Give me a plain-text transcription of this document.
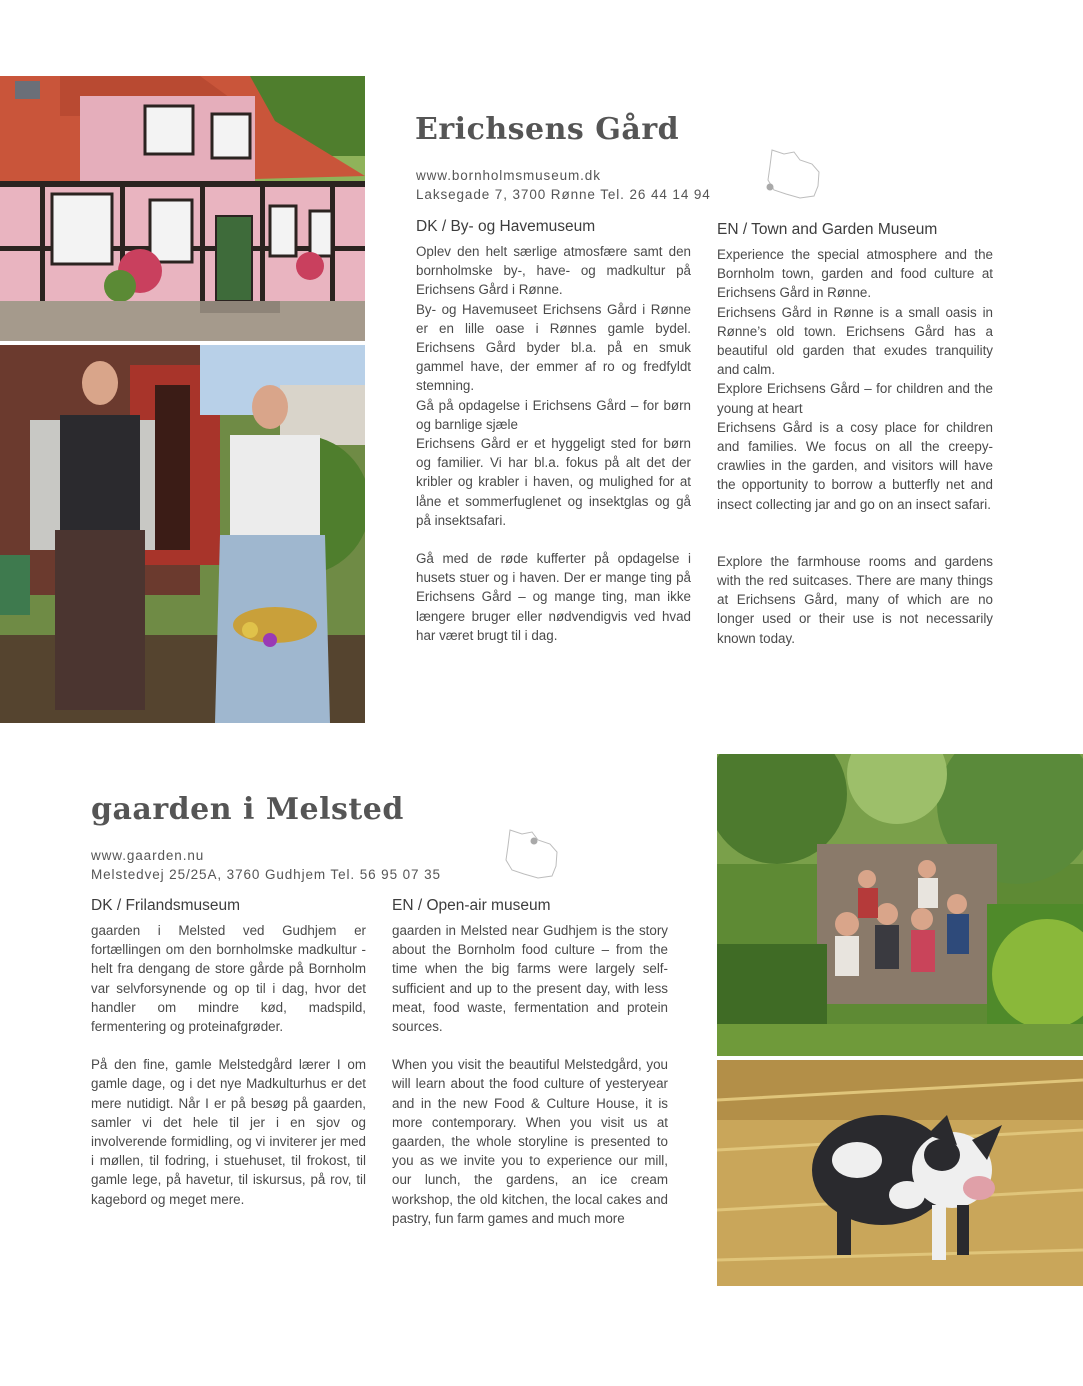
Erichsens Gård
www.bornholmsmuseum.dk
Laksegade 7, 3700 Rønne Tel. 26 44 14 94
DK / By- og Havemuseum

Oplev den helt særlige atmosfære samt den bornholmske by-, have- og madkultur på Erichsens Gård i Rønne.

By- og Havemuseet Erichsens Gård i Rønne er en lille oase i Rønnes gamle bydel. Erichsens Gård byder bl.a. på en smuk gammel have, der emmer af ro og fredfyldt stemning.

Gå på opdagelse i Erichsens Gård – for børn og barnlige sjæle

Erichsens Gård er et hyggeligt sted for børn og familier. Vi har bl.a. fokus på alt det der kribler og krabler i haven, og mulighed for at låne et sommerfuglenet og insektglas og gå på insektsafari.

Gå med de røde kufferter på opdagelse i husets stuer og i haven. Der er mange ting på Erichsens Gård – og mange ting, man ikke længere bruger eller nødvendigvis ved hvad har været brugt til i dag.

EN / Town and Garden Museum

Experience the special atmosphere and the Bornholm town, garden and food culture at Erichsens Gård in Rønne.

Erichsens Gård in Rønne is a small oasis in Rønne’s old town. Erichsens Gård has a beautiful old garden that exudes tranquility and calm.

Explore Erichsens Gård – for children and the young at heart

Erichsens Gård is a cosy place for children and families. We focus on all the creepy-crawlies in the garden, and visitors will have the opportunity to borrow a butterfly net and insect collecting jar and go on an insect safari.

Explore the farmhouse rooms and gardens with the red suitcases. There are many things at Erichsens Gård, many of which are no longer used or their use is not necessarily known today.

gaarden i Melsted
www.gaarden.nu
Melstedvej 25/25A, 3760 Gudhjem Tel. 56 95 07 35
DK / Frilandsmuseum

gaarden i Melsted ved Gudhjem er fortællingen om den bornholmske madkultur - helt fra dengang de store gårde på Bornholm var selvforsynende og op til i dag, hvor det handler om mindre kød, madspild, fermentering og proteinafgrøder.

På den fine, gamle Melstedgård lærer I om gamle dage, og i det nye Madkulturhus er det mere nutidigt. Når I er på besøg på gaarden, samler vi det hele til jer i en sjov og involverende formidling, og vi inviterer jer med i møllen, til fodring, i stuehuset, til frokost, til gamle lege, på havetur, til iskursus, på rov, til kagebord og meget mere.

EN / Open-air museum

gaarden in Melsted near Gudhjem is the story about the Bornholm food culture – from the time when the big farms were largely self-sufficient and up to the present day, with less meat, food waste, fermentation and protein sources.

When you visit the beautiful Melstedgård, you will learn about the food culture of yesteryear and in the new Food & Culture House, it is more contemporary. When you visit us at gaarden, the whole storyline is presented to you as we invite you to experience our mill, our lunch, the gardens, an ice cream workshop, the old kitchen, the local cakes and pastry, fun farm games and much more
